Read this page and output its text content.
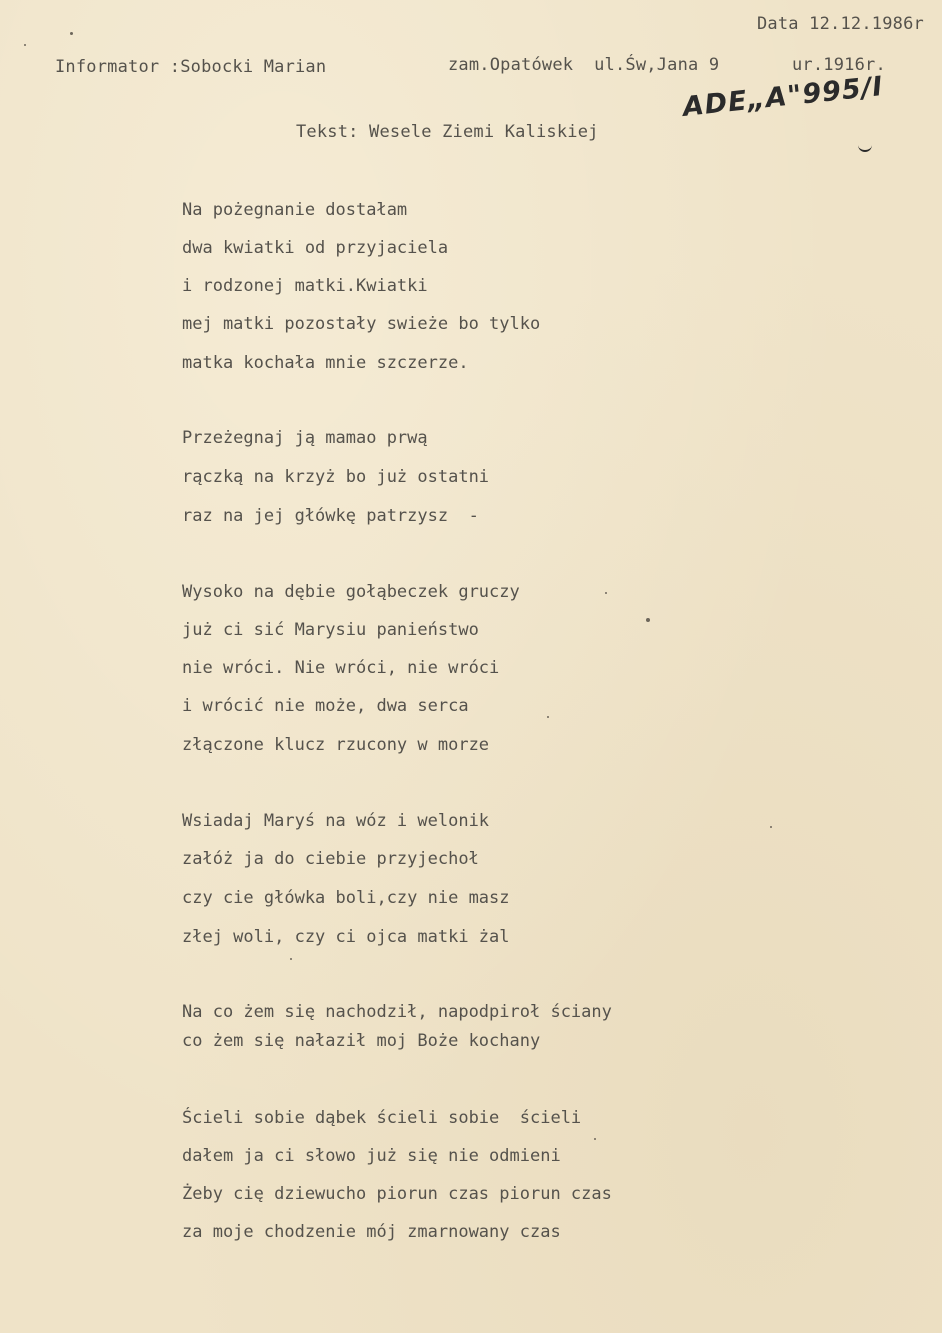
Data 12.12.1986r
Informator :Sobocki Marian	zam.Opatówek  ul.Św,Jana 9	ur.1916r.
ADE„A"995/I
Tekst: Wesele Ziemi Kaliskiej
Na pożegnanie dostałam
dwa kwiatki od przyjaciela
i rodzonej matki.Kwiatki
mej matki pozostały swieże bo tylko
matka kochała mnie szczerze.
Przeżegnaj ją mamao prwą
rączką na krzyż bo już ostatni
raz na jej główkę patrzysz  -
Wysoko na dębie gołąbeczek gruczy
już ci sić Marysiu panieństwo
nie wróci. Nie wróci, nie wróci
i wrócić nie może, dwa serca
złączone klucz rzucony w morze
Wsiadaj Maryś na wóz i welonik
załóż ja do ciebie przyjechoł
czy cie główka boli,czy nie masz
złej woli, czy ci ojca matki żal
Na co żem się nachodził, napodpiroł ściany
co żem się nałaził moj Boże kochany
Ścieli sobie dąbek ścieli sobie  ścieli
dałem ja ci słowo już się nie odmieni
Żeby cię dziewucho piorun czas piorun czas
za moje chodzenie mój zmarnowany czas
